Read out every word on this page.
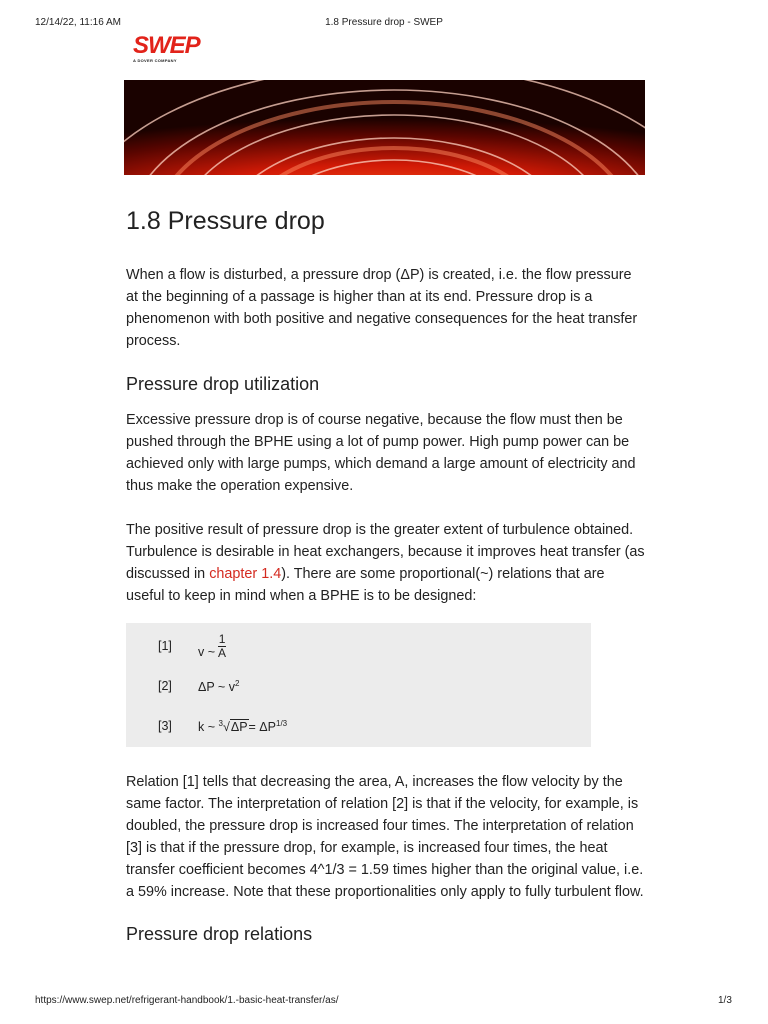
12/14/22, 11:16 AM	1.8 Pressure drop - SWEP
SWEP
A DOVER COMPANY
1.8 Pressure drop

When a flow is disturbed, a pressure drop (ΔP) is created, i.e. the flow pressure at the beginning of a passage is higher than at its end. Pressure drop is a phenomenon with both positive and negative consequences for the heat transfer process.

Pressure drop utilization

Excessive pressure drop is of course negative, because the flow must then be pushed through the BPHE using a lot of pump power. High pump power can be achieved only with large pumps, which demand a large amount of electricity and thus make the operation expensive.

The positive result of pressure drop is the greater extent of turbulence obtained. Turbulence is desirable in heat exchangers, because it improves heat transfer (as discussed in chapter 1.4). There are some proportional(~) relations that are useful to keep in mind when a BPHE is to be designed:

[1] v ~ $\frac{1}{A}$
[2] ΔP ~ $v^2$
[3] k ~ $^3√\Delta P= \Delta P^{1/3}$

Relation [1] tells that decreasing the area, A, increases the flow velocity by the same factor. The interpretation of relation [2] is that if the velocity, for example, is doubled, the pressure drop is increased four times. The interpretation of relation [3] is that if the pressure drop, for example, is increased four times, the heat transfer coefficient becomes 4^1/3 = 1.59 times higher than the original value, i.e. a 59% increase. Note that these proportionalities only apply to fully turbulent flow.

Pressure drop relations
https://www.swep.net/refrigerant-handbook/1.-basic-heat-transfer/as/	1/3
